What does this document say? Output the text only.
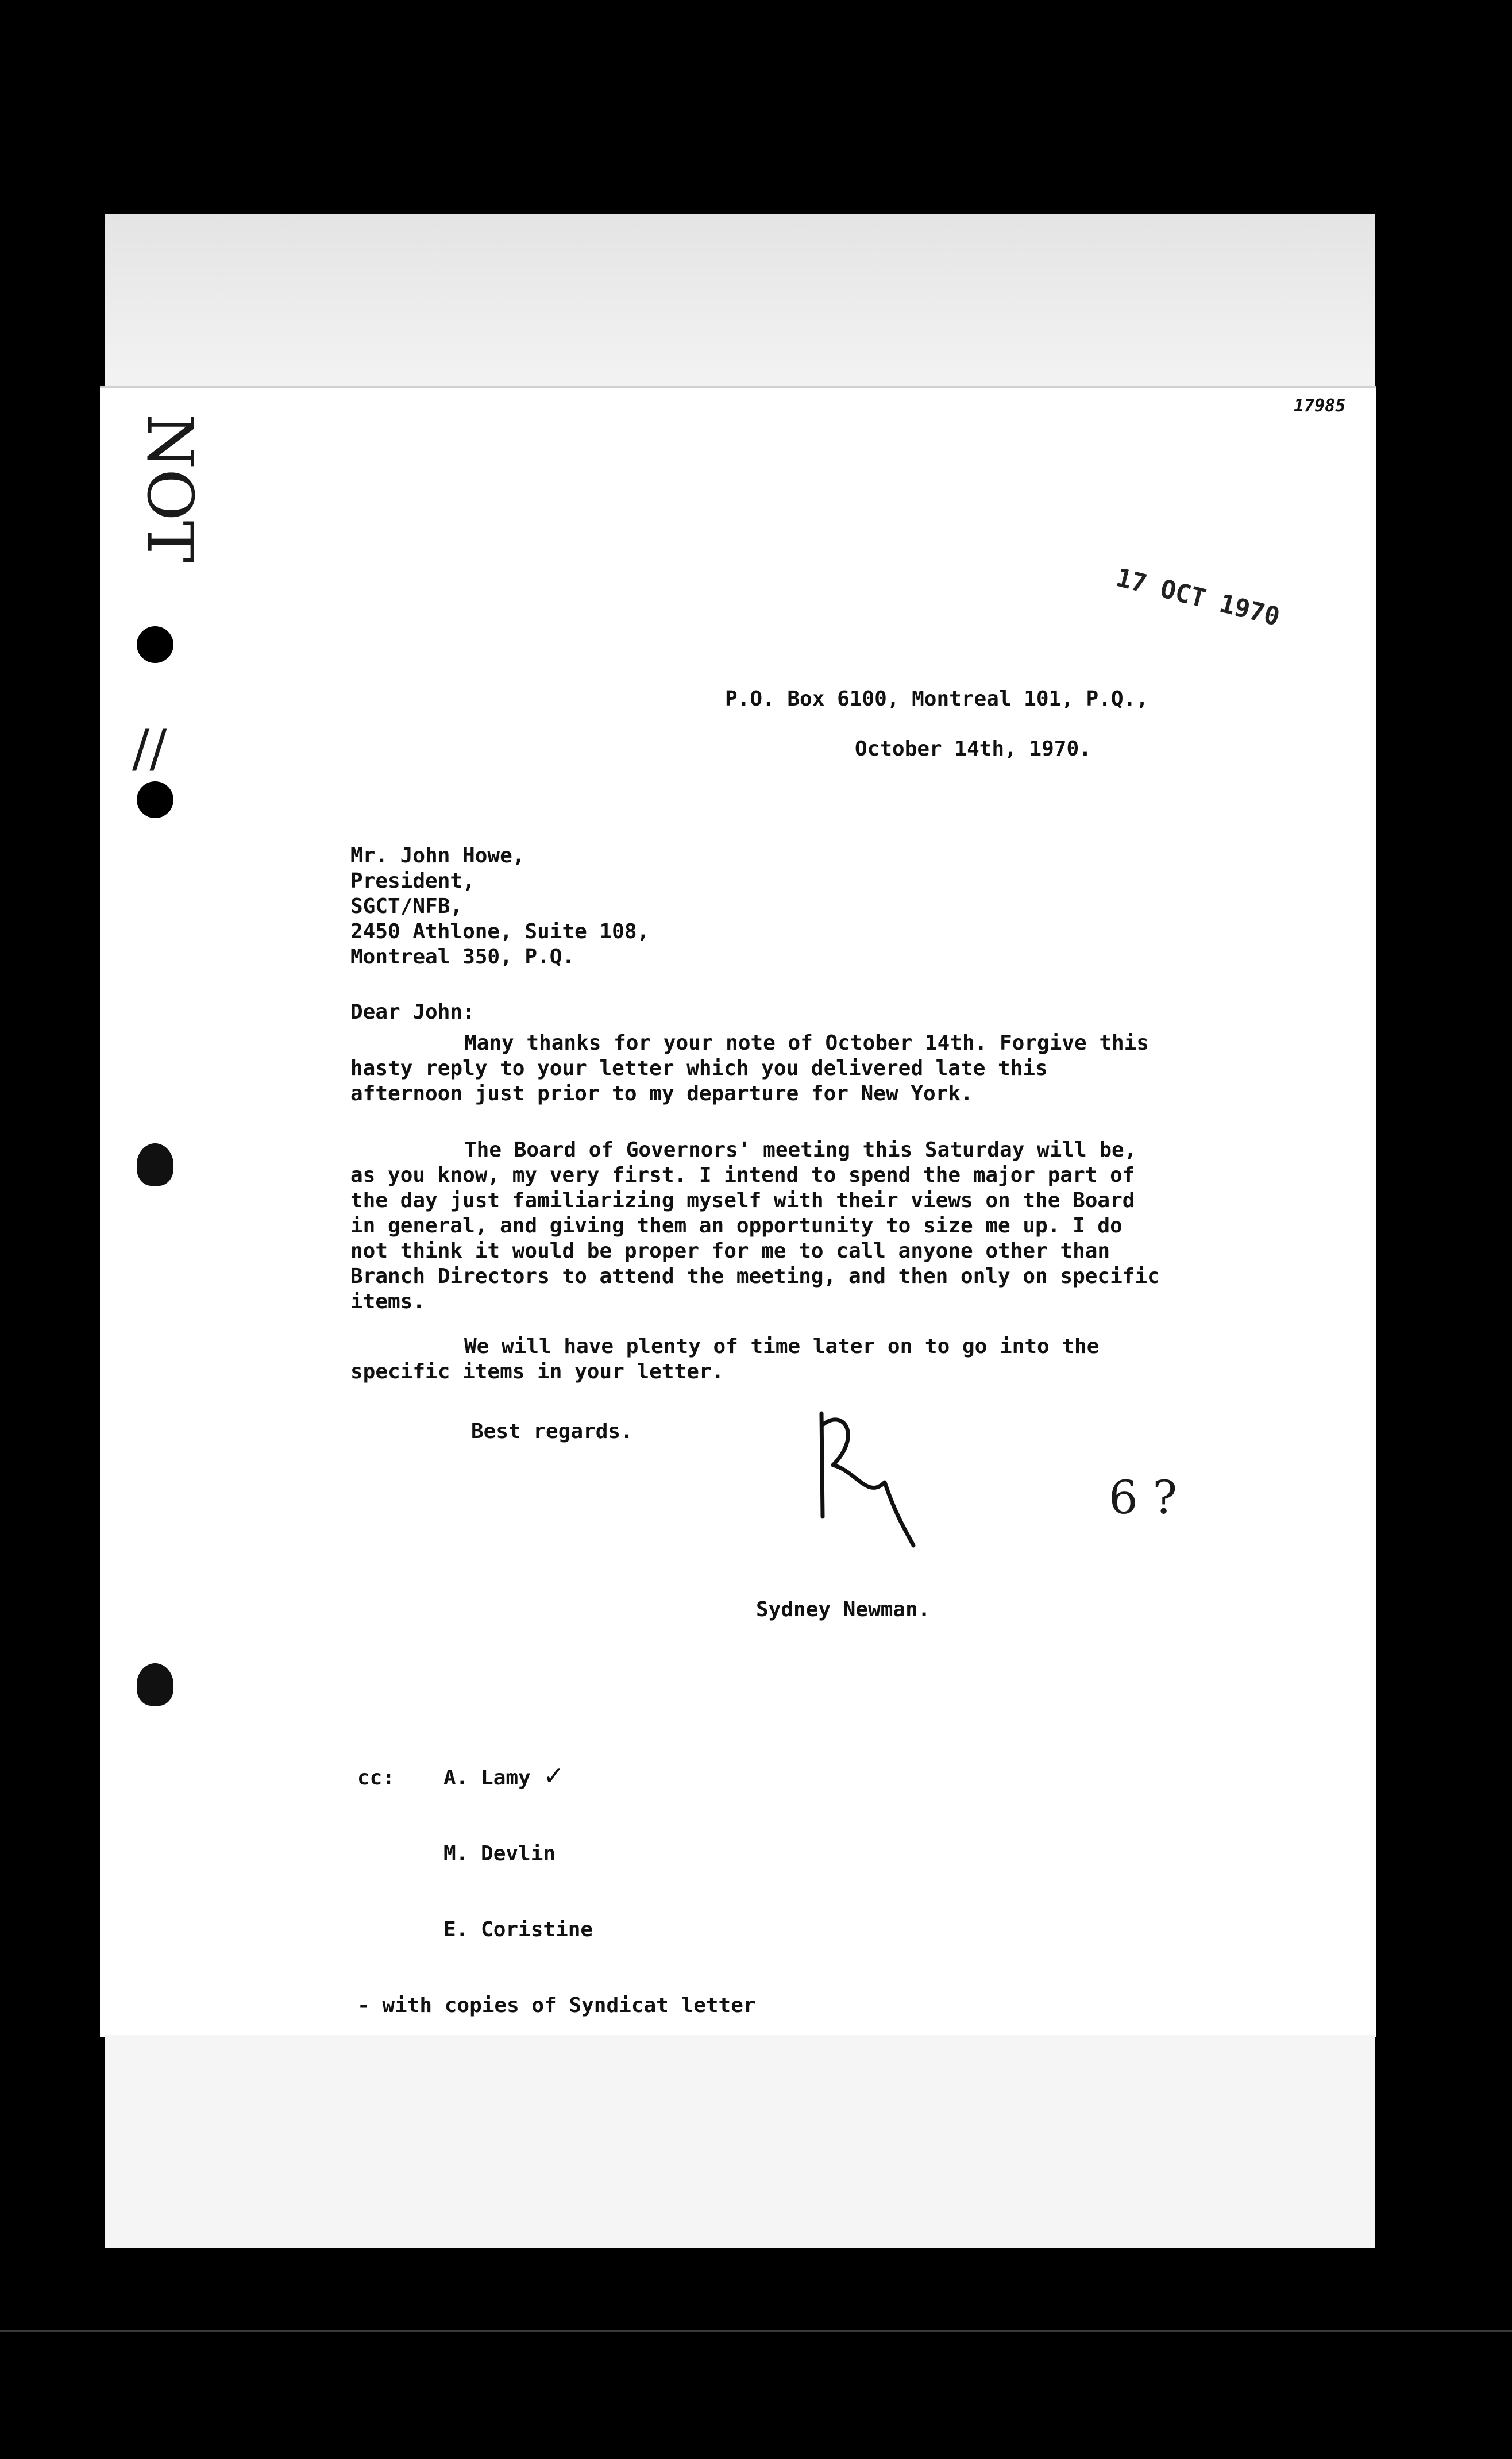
NOT
//
17985
17 OCT 1970

P.O. Box 6100, Montreal 101, P.Q.,

October 14th, 1970.

Mr. John Howe,

President,

SGCT/NFB,

2450 Athlone, Suite 108,

Montreal 350, P.Q.

Dear John:

Many thanks for your note of October 14th. Forgive this hasty reply to your letter which you delivered late this afternoon just prior to my departure for New York.

The Board of Governors' meeting this Saturday will be, as you know, my very first. I intend to spend the major part of the day just familiarizing myself with their views on the Board in general, and giving them an opportunity to size me up. I do not think it would be proper for me to call anyone other than Branch Directors to attend the meeting, and then only on specific items.

We will have plenty of time later on to go into the specific items in your letter.

Best regards.

6 ?

Sydney Newman.

cc: A. Lamy ✓

M. Devlin

E. Coristine

- with copies of Syndicat letter
